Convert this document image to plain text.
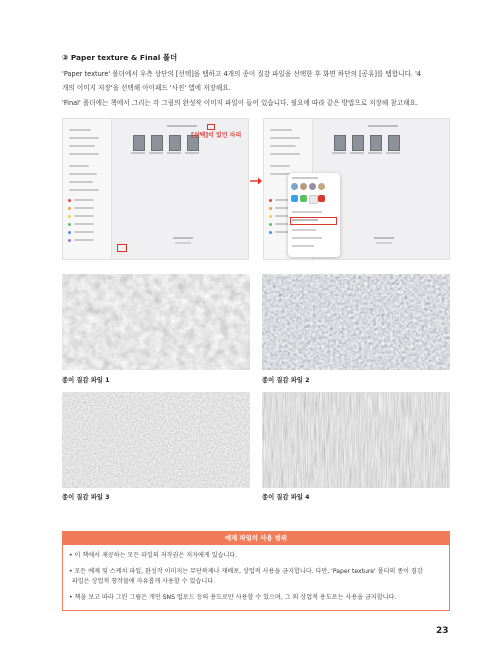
③ Paper texture & Final 폴더
'Paper texture' 폴더에서 우측 상단의 [선택]을 탭하고 4개의 종이 질감 파일을 선택한 후 화면 하단의 [공유]를 탭합니다. '4
개의 이미지 저장'을 선택해 아이패드 '사진' 앱에 저장해요.
'Final' 폴더에는 책에서 그리는 각 그림의 완성작 이미지 파일이 들어 있습니다. 필요에 따라 같은 방법으로 저장해 참고해요.
[선택]이 있던 자리
종이 질감 파일 1	종이 질감 파일 2
종이 질감 파일 3	종이 질감 파일 4
예제 파일의 사용 범위
• 이 책에서 제공하는 모든 파일의 저작권은 저자에게 있습니다.
• 모든 예제 및 스케치 파일, 완성작 이미지는 무단복제나 재배포, 상업적 사용을 금지합니다. 다만, 'Paper texture' 폴더의 종이 질감
파일은 상업적 창작물에 자유롭게 사용할 수 있습니다.
• 책을 보고 따라 그린 그림은 개인 SNS 업로드 등의 용도로만 사용할 수 있으며, 그 외 상업적 용도로는 사용을 금지합니다.
23
